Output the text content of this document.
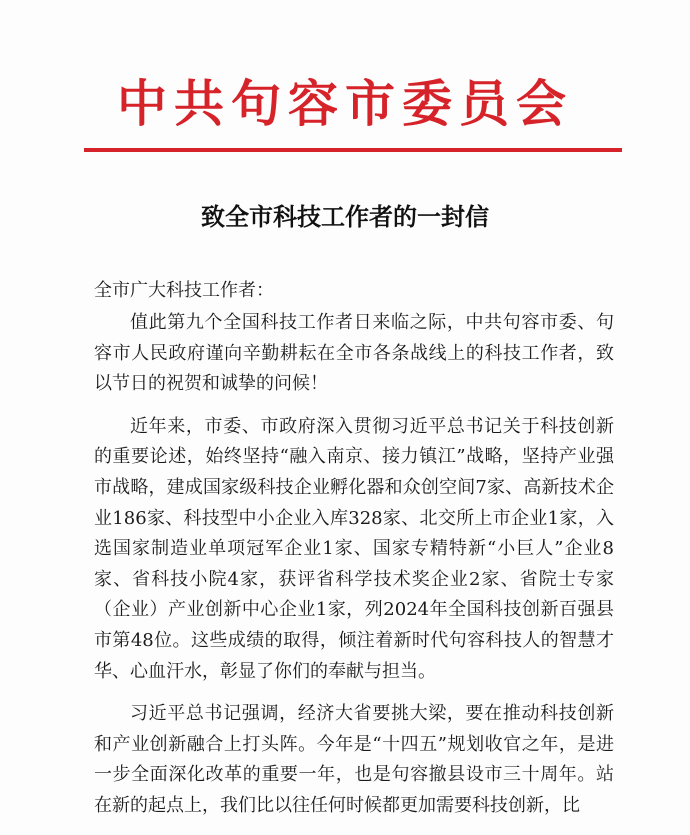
中共句容市委员会
致全市科技工作者的一封信
全市广大科技工作者：

值此第九个全国科技工作者日来临之际，中共句容市委、句容市人民政府谨向辛勤耕耘在全市各条战线上的科技工作者，致以节日的祝贺和诚挚的问候！

近年来，市委、市政府深入贯彻习近平总书记关于科技创新的重要论述，始终坚持“融入南京、接力镇江”战略，坚持产业强市战略，建成国家级科技企业孵化器和众创空间7家、高新技术企业186家、科技型中小企业入库328家、北交所上市企业1家，入选国家制造业单项冠军企业1家、国家专精特新“小巨人”企业8家、省科技小院4家，获评省科学技术奖企业2家、省院士专家（企业）产业创新中心企业1家，列2024年全国科技创新百强县市第48位。这些成绩的取得，倾注着新时代句容科技人的智慧才华、心血汗水，彰显了你们的奉献与担当。

习近平总书记强调，经济大省要挑大梁，要在推动科技创新和产业创新融合上打头阵。今年是“十四五”规划收官之年，是进一步全面深化改革的重要一年，也是句容撤县设市三十周年。站在新的起点上，我们比以往任何时候都更加需要科技创新，比
